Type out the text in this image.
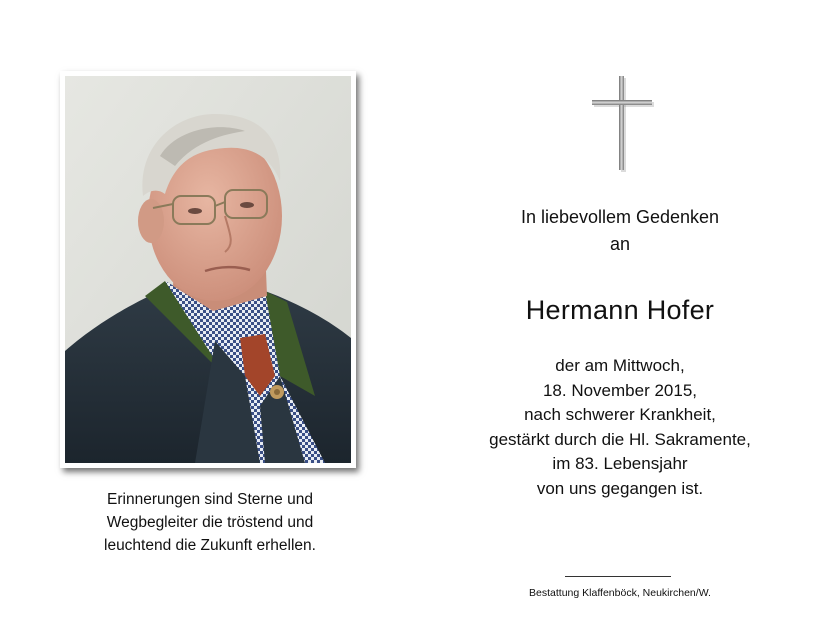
Erinnerungen sind Sterne und
Wegbegleiter die tröstend und
leuchtend die Zukunft erhellen.
In liebevollem Gedenken
an
Hermann Hofer
der am Mittwoch,
18. November 2015,
nach schwerer Krankheit,
gestärkt durch die Hl. Sakramente,
im 83. Lebensjahr
von uns gegangen ist.
Bestattung Klaffenböck, Neukirchen/W.
